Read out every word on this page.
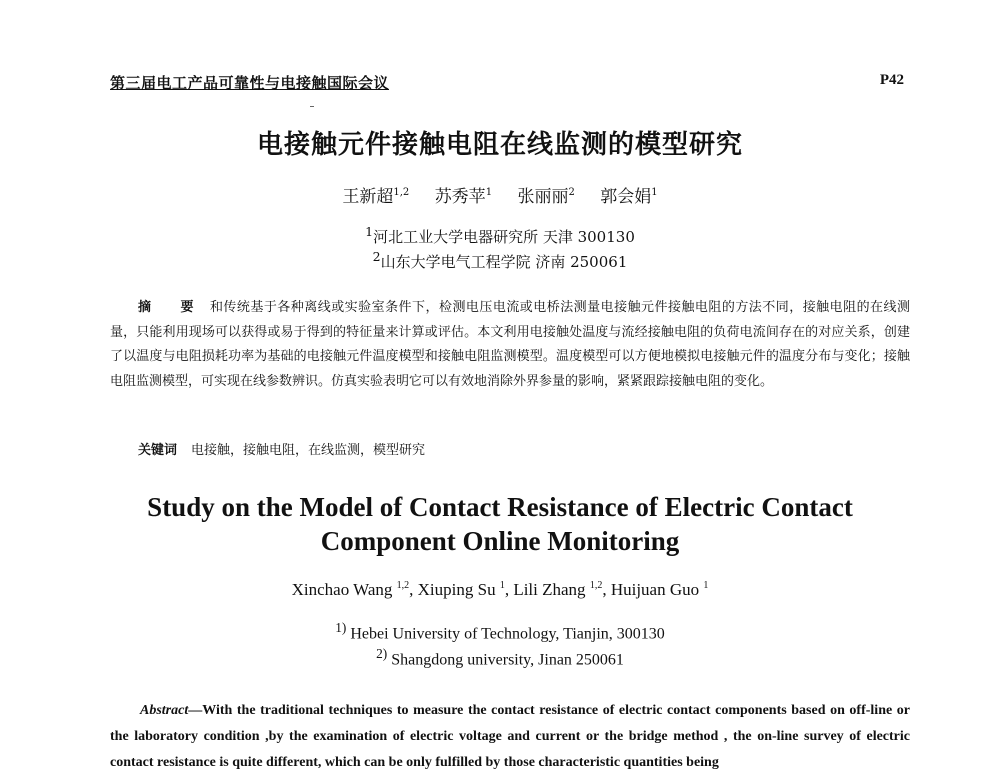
第三届电工产品可靠性与电接触国际会议	P42
电接触元件接触电阻在线监测的模型研究
王新超$^{1,2}$ 苏秀苹$^1$ 张丽丽$^2$ 郭会娟$^1$
$^1$河北工业大学电器研究所 天津 300130
$^2$山东大学电气工程学院 济南 250061
摘 要 和传统基于各种离线或实验室条件下，检测电压电流或电桥法测量电接触元件接触电阻的方法不同，接触电阻的在线测量，只能利用现场可以获得或易于得到的特征量来计算或评估。本文利用电接触处温度与流经接触电阻的负荷电流间存在的对应关系，创建了以温度与电阻损耗功率为基础的电接触元件温度模型和接触电阻监测模型。温度模型可以方便地模拟电接触元件的温度分布与变化；接触电阻监测模型，可实现在线参数辨识。仿真实验表明它可以有效地消除外界参量的影响，紧紧跟踪接触电阻的变化。
关键词 电接触，接触电阻，在线监测，模型研究
Study on the Model of Contact Resistance of Electric Contact
Component Online Monitoring
Xinchao Wang $^{1,2}$, Xiuping Su $^1$, Lili Zhang $^{1,2}$, Huijuan Guo $^1$
$^{1)}$ Hebei University of Technology, Tianjin, 300130
$^{2)}$ Shangdong university, Jinan 250061
Abstract—With the traditional techniques to measure the contact resistance of electric contact components based on off-line or the laboratory condition ,by the examination of electric voltage and current or the bridge method , the on-line survey of electric contact resistance is quite different, which can be only fulfilled by those characteristic quantities being
